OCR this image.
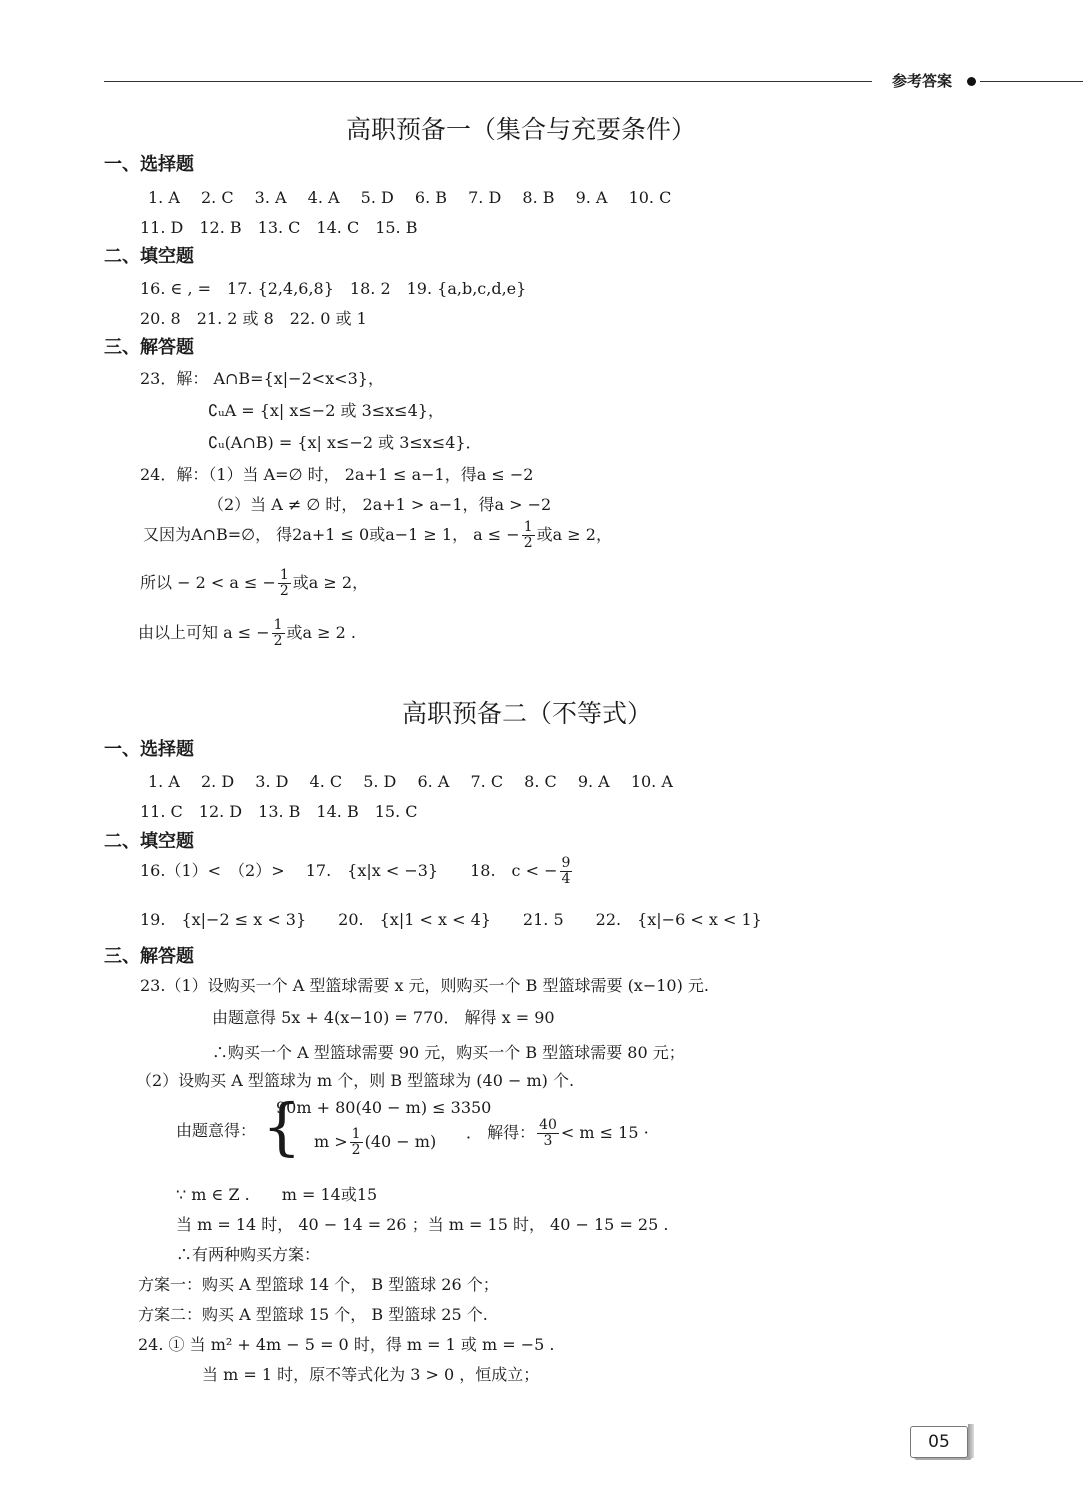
参考答案
高职预备一（集合与充要条件）
一、选择题
1. A　 2. C　 3. A　 4. A　 5. D　 6. B　 7. D　 8. B　 9. A　 10. C
11. D　12. B　13. C　14. C　15. B
二、填空题
16. ∈ , =　17. {2,4,6,8}　18. 2　19. {a,b,c,d,e}
20. 8　21. 2 或 8　22. 0 或 1
三、解答题
23．解： A∩B={x|−2<x<3}，
∁ᵤA = {x| x≤−2 或 3≤x≤4}，
∁ᵤ(A∩B) = {x| x≤−2 或 3≤x≤4}．
24．解：（1）当 A=∅ 时， 2a+1 ≤ a−1，得a ≤ −2
（2）当 A ≠ ∅ 时， 2a+1 > a−1，得a > −2
又因为A∩B=∅， 得2a+1 ≤ 0或a−1 ≥ 1， a ≤ − $\frac{1}{2}$ 或a ≥ 2，
所以 − 2 < a ≤ − $\frac{1}{2}$ 或a ≥ 2，
由以上可知 a ≤ − $\frac{1}{2}$ 或a ≥ 2 .
高职预备二（不等式）
一、选择题
1. A　 2. D　 3. D　 4. C　 5. D　 6. A　 7. C　 8. C　 9. A　 10. A
11. C　12. D　13. B　14. B　15. C
二、填空题
16.（1）<　（2）>　 17.　{x|x < −3}　　18.　c < − $\frac{9}{4}$
19.　{x|−2 ≤ x < 3}　　20.　{x|1 < x < 4}　　21. 5　　22.　{x|−6 < x < 1}
三、解答题
23.（1）设购买一个 A 型篮球需要 x 元，则购买一个 B 型篮球需要 (x−10) 元.
由题意得 5x + 4(x−10) = 770． 解得 x = 90
∴购买一个 A 型篮球需要 90 元，购买一个 B 型篮球需要 80 元；
（2）设购买 A 型篮球为 m 个，则 B 型篮球为 (40 − m) 个.
由题意得： {
90m + 80(40 − m) ≤ 3350
$m > \frac{1}{2} (40 - m)$ ． 解得： $\frac{40}{3} < m \le 15$ ·
∵ m ∈ Z .　　m = 14或15
当 m = 14 时， 40 − 14 = 26 ；当 m = 15 时， 40 − 15 = 25 .
∴有两种购买方案：
方案一：购买 A 型篮球 14 个， B 型篮球 26 个；
方案二：购买 A 型篮球 15 个， B 型篮球 25 个.
24. ① 当 m² + 4m − 5 = 0 时，得 m = 1 或 m = −5 .
当 m = 1 时，原不等式化为 3 > 0 ，恒成立；
05
